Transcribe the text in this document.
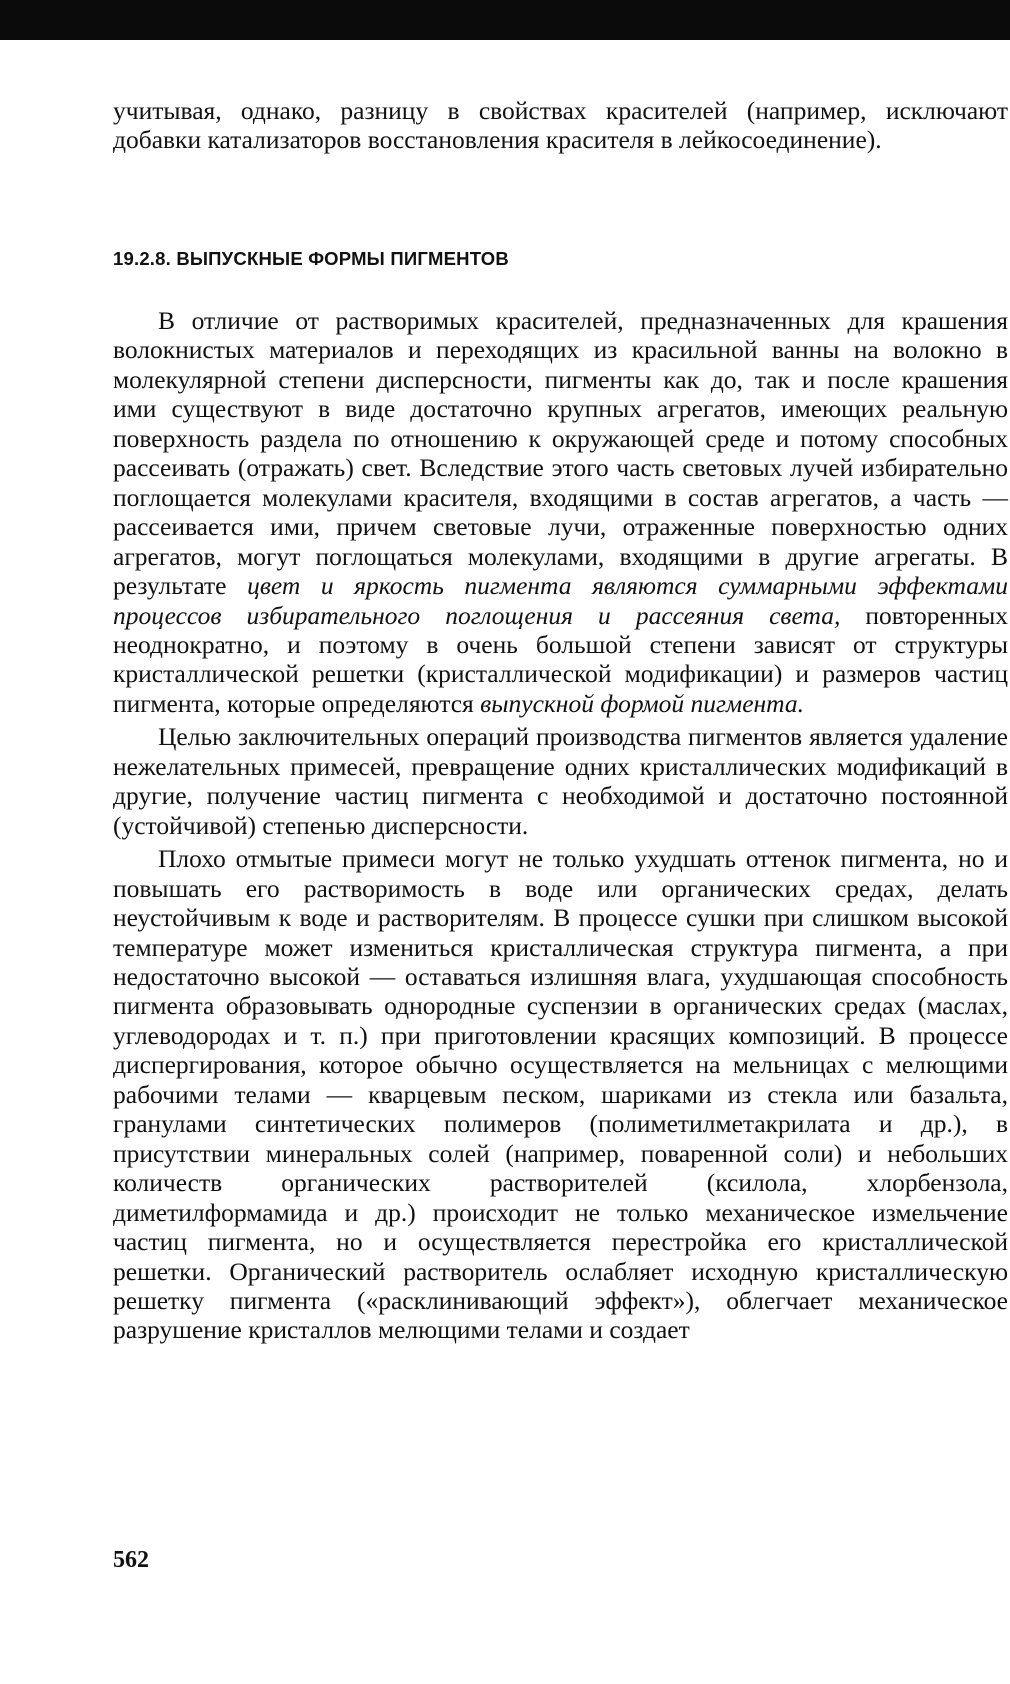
учитывая, однако, разницу в свойствах красителей (например, исключают добавки катализаторов восстановления красителя в лейкосоединение).

19.2.8. ВЫПУСКНЫЕ ФОРМЫ ПИГМЕНТОВ

В отличие от растворимых красителей, предназначенных для крашения волокнистых материалов и переходящих из красильной ванны на волокно в молекулярной степени дисперсности, пигменты как до, так и после крашения ими существуют в виде достаточно крупных агрегатов, имеющих реальную поверхность раздела по отношению к окружающей среде и потому способных рассеивать (отражать) свет. Вследствие этого часть световых лучей избирательно поглощается молекулами красителя, входящими в состав агрегатов, а часть — рассеивается ими, причем световые лучи, отраженные поверхностью одних агрегатов, могут поглощаться молекулами, входящими в другие агрегаты. В результате цвет и яркость пигмента являются суммарными эффектами процессов избирательного поглощения и рассеяния света, повторенных неоднократно, и поэтому в очень большой степени зависят от структуры кристаллической решетки (кристаллической модификации) и размеров частиц пигмента, которые определяются выпускной формой пигмента.

Целью заключительных операций производства пигментов является удаление нежелательных примесей, превращение одних кристаллических модификаций в другие, получение частиц пигмента с необходимой и достаточно постоянной (устойчивой) степенью дисперсности.

Плохо отмытые примеси могут не только ухудшать оттенок пигмента, но и повышать его растворимость в воде или органических средах, делать неустойчивым к воде и растворителям. В процессе сушки при слишком высокой температуре может измениться кристаллическая структура пигмента, а при недостаточно высокой — оставаться излишняя влага, ухудшающая способность пигмента образовывать однородные суспензии в органических средах (маслах, углеводородах и т. п.) при приготовлении красящих композиций. В процессе диспергирования, которое обычно осуществляется на мельницах с мелющими рабочими телами — кварцевым песком, шариками из стекла или базальта, гранулами синтетических полимеров (полиметилметакрилата и др.), в присутствии минеральных солей (например, поваренной соли) и небольших количеств органических растворителей (ксилола, хлорбензола, диметилформамида и др.) происходит не только механическое измельчение частиц пигмента, но и осуществляется перестройка его кристаллической решетки. Органический растворитель ослабляет исходную кристаллическую решетку пигмента («расклинивающий эффект»), облегчает механическое разрушение кристаллов мелющими телами и создает

562
